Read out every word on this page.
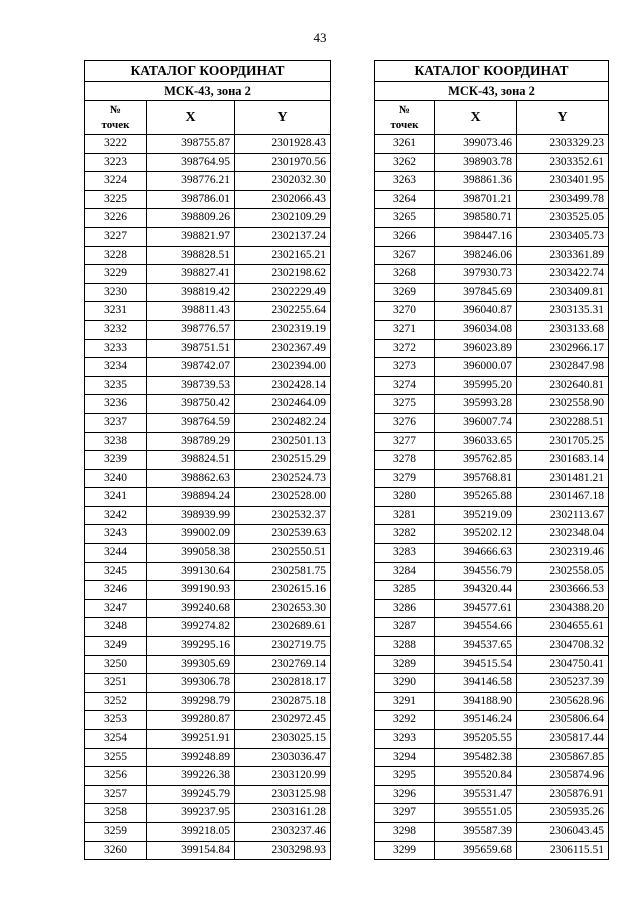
43
КАТАЛОГ КООРДИНАТ		
МСК-43, зона 2		
№
точек	X	Y
3222	398755.87	2301928.43
3223	398764.95	2301970.56
3224	398776.21	2302032.30
3225	398786.01	2302066.43
3226	398809.26	2302109.29
3227	398821.97	2302137.24
3228	398828.51	2302165.21
3229	398827.41	2302198.62
3230	398819.42	2302229.49
3231	398811.43	2302255.64
3232	398776.57	2302319.19
3233	398751.51	2302367.49
3234	398742.07	2302394.00
3235	398739.53	2302428.14
3236	398750.42	2302464.09
3237	398764.59	2302482.24
3238	398789.29	2302501.13
3239	398824.51	2302515.29
3240	398862.63	2302524.73
3241	398894.24	2302528.00
3242	398939.99	2302532.37
3243	399002.09	2302539.63
3244	399058.38	2302550.51
3245	399130.64	2302581.75
3246	399190.93	2302615.16
3247	399240.68	2302653.30
3248	399274.82	2302689.61
3249	399295.16	2302719.75
3250	399305.69	2302769.14
3251	399306.78	2302818.17
3252	399298.79	2302875.18
3253	399280.87	2302972.45
3254	399251.91	2303025.15
3255	399248.89	2303036.47
3256	399226.38	2303120.99
3257	399245.79	2303125.98
3258	399237.95	2303161.28
3259	399218.05	2303237.46
3260	399154.84	2303298.93
КАТАЛОГ КООРДИНАТ		
МСК-43, зона 2		
№
точек	X	Y
3261	399073.46	2303329.23
3262	398903.78	2303352.61
3263	398861.36	2303401.95
3264	398701.21	2303499.78
3265	398580.71	2303525.05
3266	398447.16	2303405.73
3267	398246.06	2303361.89
3268	397930.73	2303422.74
3269	397845.69	2303409.81
3270	396040.87	2303135.31
3271	396034.08	2303133.68
3272	396023.89	2302966.17
3273	396000.07	2302847.98
3274	395995.20	2302640.81
3275	395993.28	2302558.90
3276	396007.74	2302288.51
3277	396033.65	2301705.25
3278	395762.85	2301683.14
3279	395768.81	2301481.21
3280	395265.88	2301467.18
3281	395219.09	2302113.67
3282	395202.12	2302348.04
3283	394666.63	2302319.46
3284	394556.79	2302558.05
3285	394320.44	2303666.53
3286	394577.61	2304388.20
3287	394554.66	2304655.61
3288	394537.65	2304708.32
3289	394515.54	2304750.41
3290	394146.58	2305237.39
3291	394188.90	2305628.96
3292	395146.24	2305806.64
3293	395205.55	2305817.44
3294	395482.38	2305867.85
3295	395520.84	2305874.96
3296	395531.47	2305876.91
3297	395551.05	2305935.26
3298	395587.39	2306043.45
3299	395659.68	2306115.51
